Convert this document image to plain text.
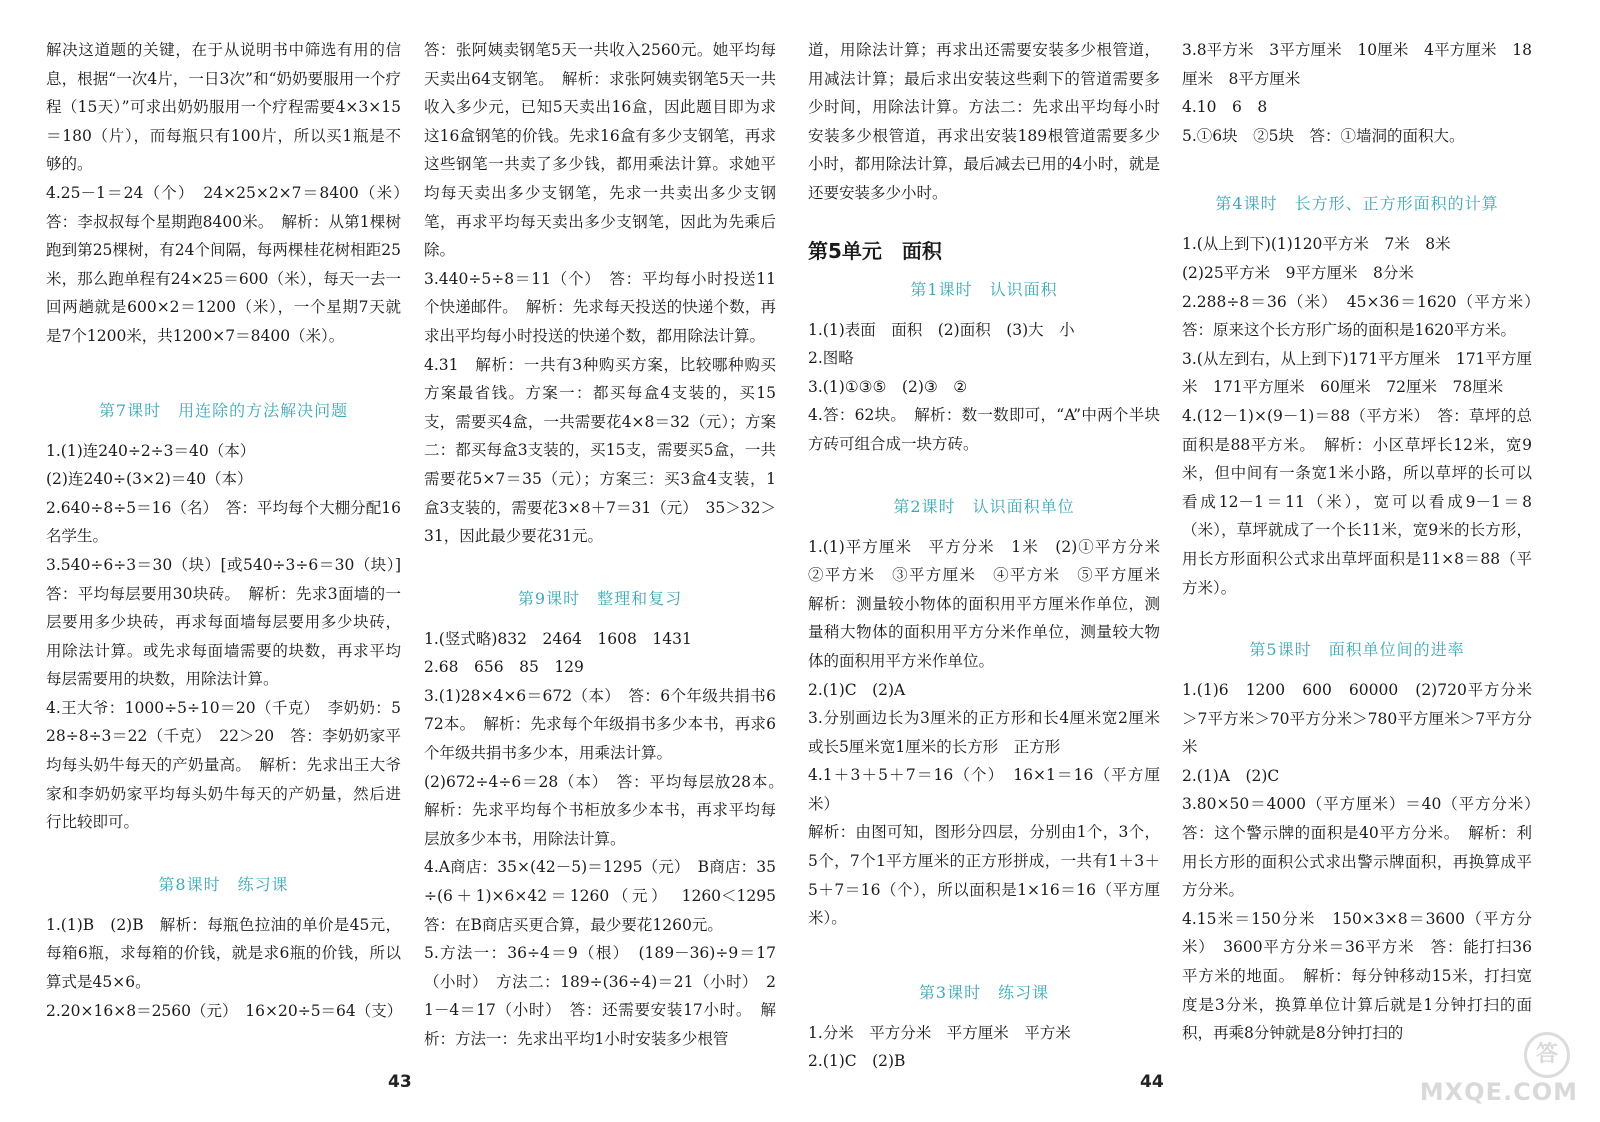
解决这道题的关键，在于从说明书中筛选有用的信息，根据“一次4片，一日3次”和“奶奶要服用一个疗程（15天）”可求出奶奶服用一个疗程需要4×3×15＝180（片），而每瓶只有100片，所以买1瓶是不够的。

4.25－1＝24（个）　24×25×2×7＝8400（米）　答：李叔叔每个星期跑8400米。　解析：从第1棵树跑到第25棵树，有24个间隔，每两棵桂花树相距25米，那么跑单程有24×25＝600（米），每天一去一回两趟就是600×2＝1200（米），一个星期7天就是7个1200米，共1200×7＝8400（米）。

第7课时　用连除的方法解决问题

1.(1)连240÷2÷3＝40（本）

(2)连240÷(3×2)＝40（本）

2.640÷8÷5＝16（名）　答：平均每个大棚分配16名学生。

3.540÷6÷3＝30（块）[或540÷3÷6＝30（块）]　答：平均每层要用30块砖。　解析：先求3面墙的一层要用多少块砖，再求每面墙每层要用多少块砖，用除法计算。或先求每面墙需要的块数，再求平均每层需要用的块数，用除法计算。

4.王大爷：1000÷5÷10＝20（千克）　李奶奶：528÷8÷3＝22（千克）　22＞20　答：李奶奶家平均每头奶牛每天的产奶量高。　解析：先求出王大爷家和李奶奶家平均每头奶牛每天的产奶量，然后进行比较即可。

第8课时　练习课

1.(1)B　(2)B　解析：每瓶色拉油的单价是45元，每箱6瓶，求每箱的价钱，就是求6瓶的价钱，所以算式是45×6。

2.20×16×8＝2560（元）　16×20÷5＝64（支）

答：张阿姨卖钢笔5天一共收入2560元。她平均每天卖出64支钢笔。　解析：求张阿姨卖钢笔5天一共收入多少元，已知5天卖出16盒，因此题目即为求这16盒钢笔的价钱。先求16盒有多少支钢笔，再求这些钢笔一共卖了多少钱，都用乘法计算。求她平均每天卖出多少支钢笔，先求一共卖出多少支钢笔，再求平均每天卖出多少支钢笔，因此为先乘后除。

3.440÷5÷8＝11（个）　答：平均每小时投送11个快递邮件。　解析：先求每天投送的快递个数，再求出平均每小时投送的快递个数，都用除法计算。

4.31　解析：一共有3种购买方案，比较哪种购买方案最省钱。方案一：都买每盒4支装的，买15支，需要买4盒，一共需要花4×8＝32（元）；方案二：都买每盒3支装的，买15支，需要买5盒，一共需要花5×7＝35（元）；方案三：买3盒4支装，1盒3支装的，需要花3×8＋7＝31（元）　35＞32＞31，因此最少要花31元。

第9课时　整理和复习

1.(竖式略)832　2464　1608　1431

2.68　656　85　129

3.(1)28×4×6＝672（本）　答：6个年级共捐书672本。　解析：先求每个年级捐书多少本书，再求6个年级共捐书多少本，用乘法计算。

(2)672÷4÷6＝28（本）　答：平均每层放28本。　解析：先求平均每个书柜放多少本书，再求平均每层放多少本书，用除法计算。

4.A商店：35×(42－5)＝1295（元）　B商店：35÷(6＋1)×6×42＝1260（元）　1260＜1295　答：在B商店买更合算，最少要花1260元。

5.方法一：36÷4＝9（根）　(189－36)÷9＝17（小时）　方法二：189÷(36÷4)＝21（小时）　21－4＝17（小时）　答：还需要安装17小时。　解析：方法一：先求出平均1小时安装多少根管

道，用除法计算；再求出还需要安装多少根管道，用减法计算；最后求出安装这些剩下的管道需要多少时间，用除法计算。方法二：先求出平均每小时安装多少根管道，再求出安装189根管道需要多少小时，都用除法计算，最后减去已用的4小时，就是还要安装多少小时。

第5单元　面积
第1课时　认识面积

1.(1)表面　面积　(2)面积　(3)大　小

2.图略

3.(1)①③⑤　(2)③　②

4.答：62块。　解析：数一数即可，“A”中两个半块方砖可组合成一块方砖。

第2课时　认识面积单位

1.(1)平方厘米　平方分米　1米　(2)①平方分米　②平方米　③平方厘米　④平方米　⑤平方厘米　解析：测量较小物体的面积用平方厘米作单位，测量稍大物体的面积用平方分米作单位，测量较大物体的面积用平方米作单位。

2.(1)C　(2)A

3.分别画边长为3厘米的正方形和长4厘米宽2厘米或长5厘米宽1厘米的长方形　正方形

4.1＋3＋5＋7＝16（个）　16×1＝16（平方厘米）

解析：由图可知，图形分四层，分别由1个，3个，5个，7个1平方厘米的正方形拼成，一共有1＋3＋5＋7＝16（个），所以面积是1×16＝16（平方厘米）。

第3课时　练习课

1.分米　平方分米　平方厘米　平方米

2.(1)C　(2)B

3.8平方米　3平方厘米　10厘米　4平方厘米　18厘米　8平方厘米

4.10　6　8

5.①6块　②5块　答：①墙洞的面积大。

第4课时　长方形、正方形面积的计算

1.(从上到下)(1)120平方米　7米　8米

(2)25平方米　9平方厘米　8分米

2.288÷8＝36（米）　45×36＝1620（平方米）　答：原来这个长方形广场的面积是1620平方米。

3.(从左到右，从上到下)171平方厘米　171平方厘米　171平方厘米　60厘米　72厘米　78厘米

4.(12－1)×(9－1)＝88（平方米）　答：草坪的总面积是88平方米。　解析：小区草坪长12米，宽9米，但中间有一条宽1米小路，所以草坪的长可以看成12－1＝11（米），宽可以看成9－1＝8（米），草坪就成了一个长11米，宽9米的长方形，用长方形面积公式求出草坪面积是11×8＝88（平方米）。

第5课时　面积单位间的进率

1.(1)6　1200　600　60000　(2)720平方分米＞7平方米＞70平方分米＞780平方厘米＞7平方分米

2.(1)A　(2)C

3.80×50＝4000（平方厘米）＝40（平方分米）　答：这个警示牌的面积是40平方分米。　解析：利用长方形的面积公式求出警示牌面积，再换算成平方分米。

4.15米＝150分米　150×3×8＝3600（平方分米）　3600平方分米＝36平方米　答：能打扫36平方米的地面。　解析：每分钟移动15米，打扫宽度是3分米，换算单位计算后就是1分钟打扫的面积，再乘8分钟就是8分钟打扫的

43	44
答
MXQE.COM
